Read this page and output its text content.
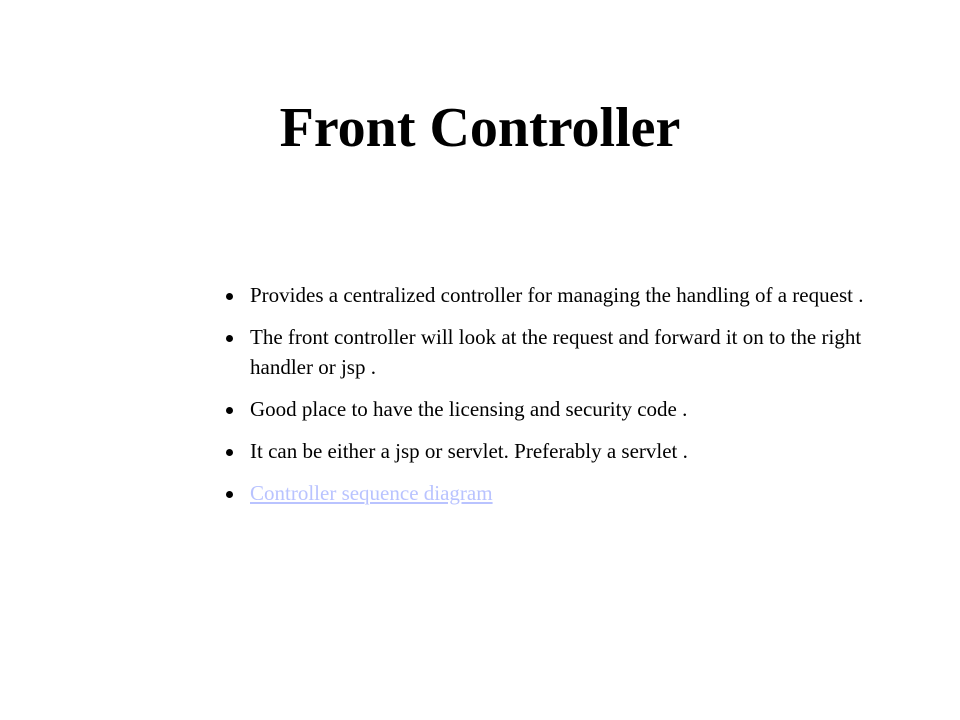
Front Controller
Provides a centralized controller for managing the handling of a request .
The front controller will look at the request and forward it on to the right handler or jsp .
Good place to have the licensing and security code .
It can be either a jsp or servlet. Preferably a servlet .
Controller sequence diagram
